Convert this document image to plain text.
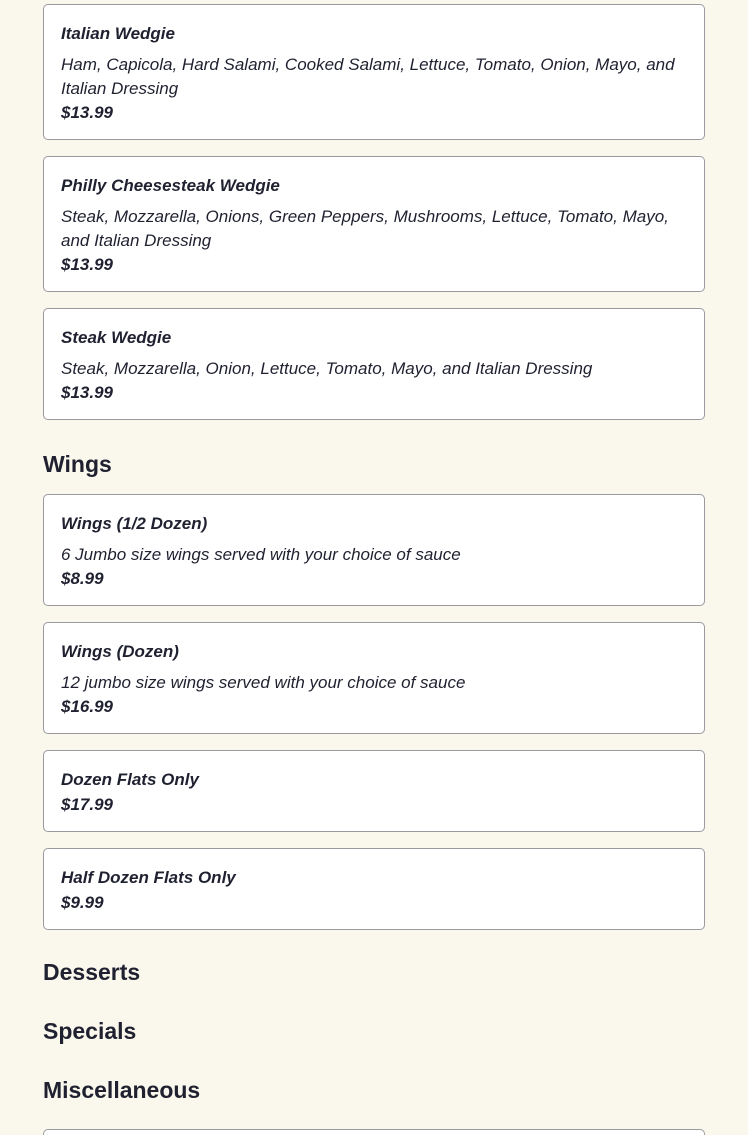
Italian Wedgie
Ham, Capicola, Hard Salami, Cooked Salami, Lettuce, Tomato, Onion, Mayo, and Italian Dressing
$13.99
Philly Cheesesteak Wedgie
Steak, Mozzarella, Onions, Green Peppers, Mushrooms, Lettuce, Tomato, Mayo, and Italian Dressing
$13.99
Steak Wedgie
Steak, Mozzarella, Onion, Lettuce, Tomato, Mayo, and Italian Dressing
$13.99
Wings
Wings (1/2 Dozen)
6 Jumbo size wings served with your choice of sauce
$8.99
Wings (Dozen)
12 jumbo size wings served with your choice of sauce
$16.99
Dozen Flats Only
$17.99
Half Dozen Flats Only
$9.99
Desserts
Specials
Miscellaneous
